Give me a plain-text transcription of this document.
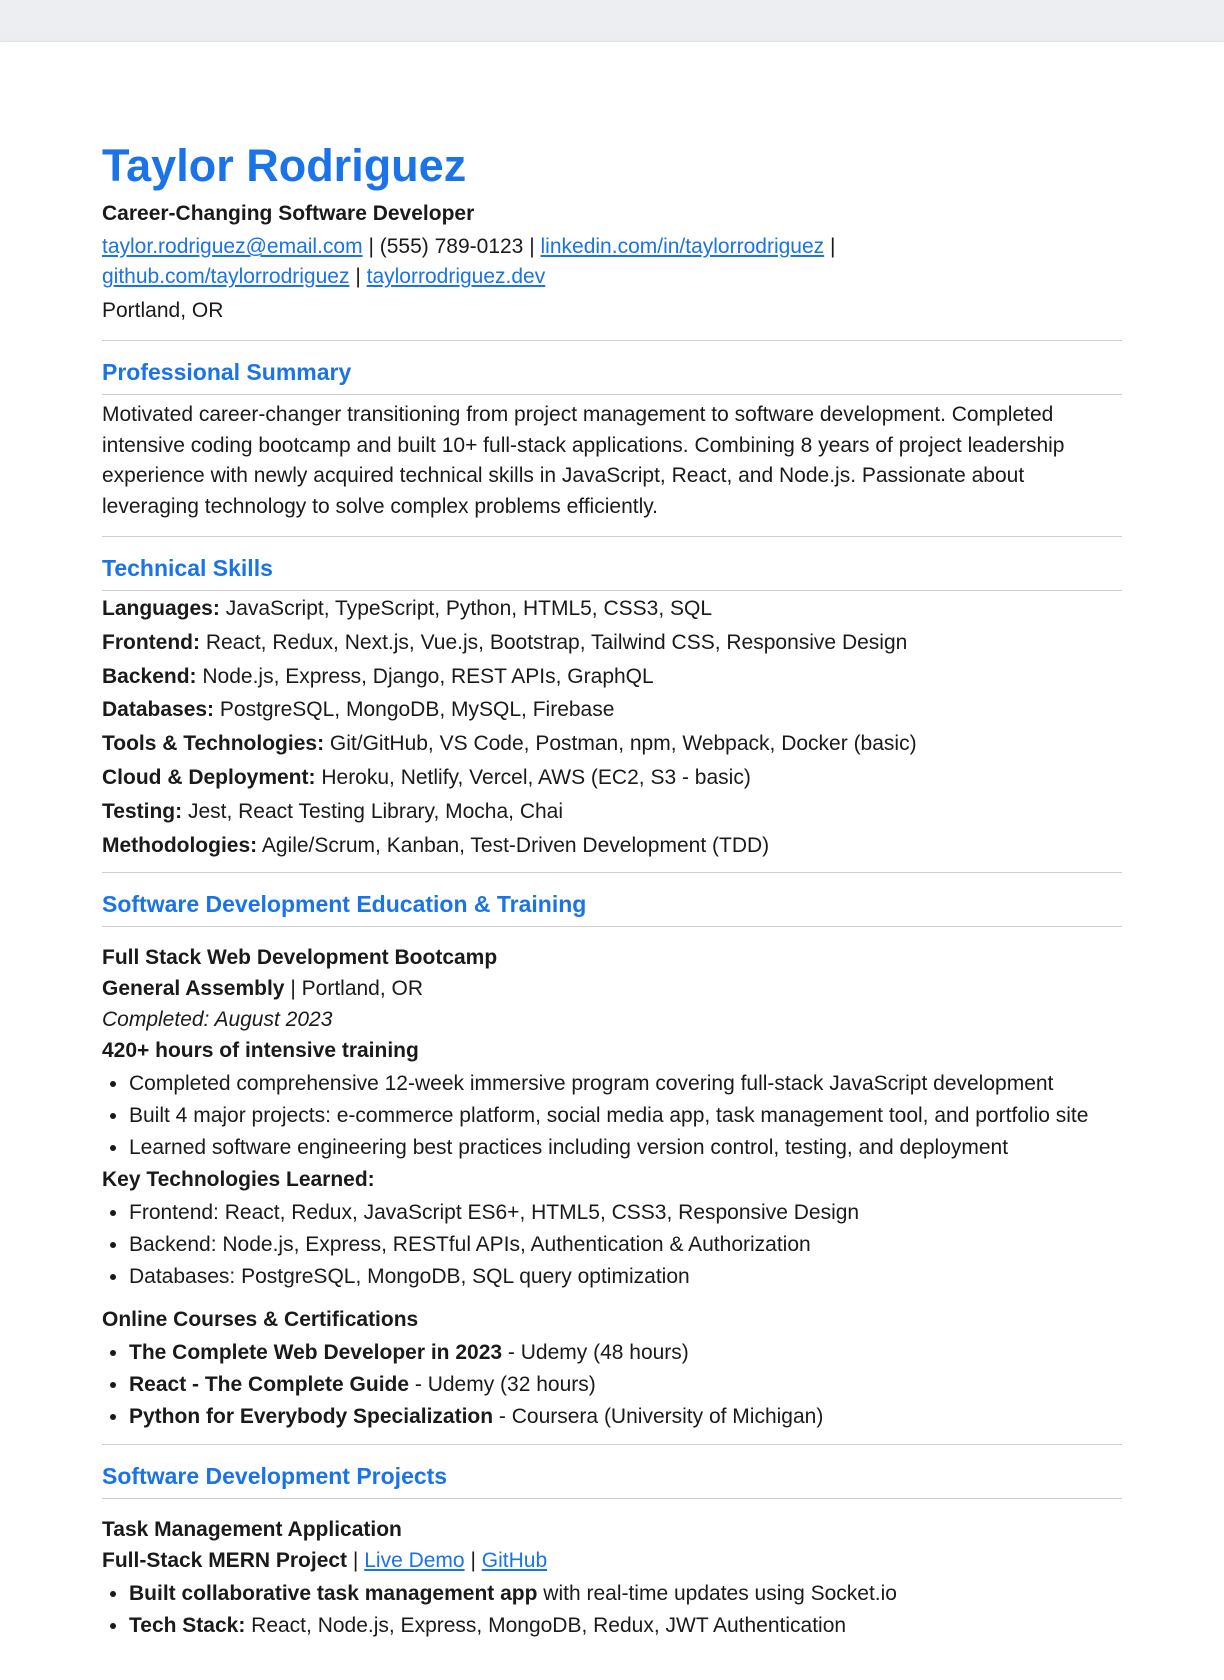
Taylor Rodriguez
Career-Changing Software Developer
taylor.rodriguez@email.com | (555) 789-0123 | linkedin.com/in/taylorrodriguez |
github.com/taylorrodriguez | taylorrodriguez.dev
Portland, OR
Professional Summary
Motivated career-changer transitioning from project management to software development. Completed intensive coding bootcamp and built 10+ full-stack applications. Combining 8 years of project leadership experience with newly acquired technical skills in JavaScript, React, and Node.js. Passionate about leveraging technology to solve complex problems efficiently.
Technical Skills
Languages: JavaScript, TypeScript, Python, HTML5, CSS3, SQL
Frontend: React, Redux, Next.js, Vue.js, Bootstrap, Tailwind CSS, Responsive Design
Backend: Node.js, Express, Django, REST APIs, GraphQL
Databases: PostgreSQL, MongoDB, MySQL, Firebase
Tools & Technologies: Git/GitHub, VS Code, Postman, npm, Webpack, Docker (basic)
Cloud & Deployment: Heroku, Netlify, Vercel, AWS (EC2, S3 - basic)
Testing: Jest, React Testing Library, Mocha, Chai
Methodologies: Agile/Scrum, Kanban, Test-Driven Development (TDD)
Software Development Education & Training
Full Stack Web Development Bootcamp
General Assembly | Portland, OR
Completed: August 2023
420+ hours of intensive training
• Completed comprehensive 12-week immersive program covering full-stack JavaScript development
• Built 4 major projects: e-commerce platform, social media app, task management tool, and portfolio site
• Learned software engineering best practices including version control, testing, and deployment
Key Technologies Learned:
• Frontend: React, Redux, JavaScript ES6+, HTML5, CSS3, Responsive Design
• Backend: Node.js, Express, RESTful APIs, Authentication & Authorization
• Databases: PostgreSQL, MongoDB, SQL query optimization
Online Courses & Certifications
• The Complete Web Developer in 2023 - Udemy (48 hours)
• React - The Complete Guide - Udemy (32 hours)
• Python for Everybody Specialization - Coursera (University of Michigan)
Software Development Projects
Task Management Application
Full-Stack MERN Project | Live Demo | GitHub
• Built collaborative task management app with real-time updates using Socket.io
• Tech Stack: React, Node.js, Express, MongoDB, Redux, JWT Authentication
